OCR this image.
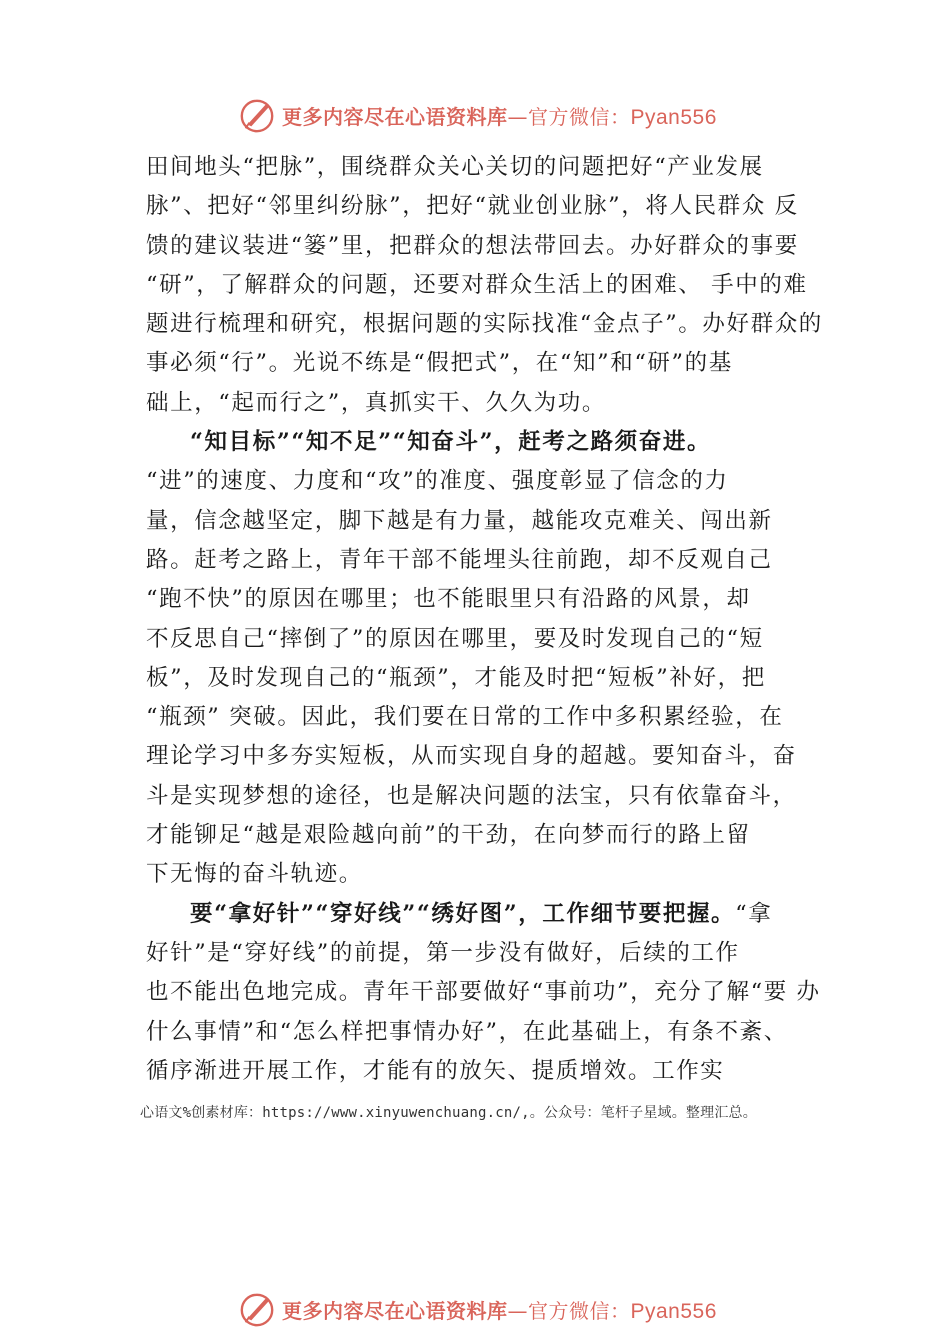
更多内容尽在心语资料库—官方微信：Pyan556
田间地头“把脉”，围绕群众关心关切的问题把好“产业发展
脉”、把好“邻里纠纷脉”，把好“就业创业脉”，将人民群众 反
馈的建议装进“篓”里，把群众的想法带回去。办好群众的事要
“研”，了解群众的问题，还要对群众生活上的困难、 手中的难
题进行梳理和研究，根据问题的实际找准“金点子”。办好群众的
事必须“行”。光说不练是“假把式”，在“知”和“研”的基
础上，“起而行之”，真抓实干、久久为功。
“知目标”“知不足”“知奋斗”，赶考之路须奋进。
“进”的速度、力度和“攻”的准度、强度彰显了信念的力
量，信念越坚定，脚下越是有力量，越能攻克难关、闯出新
路。赶考之路上，青年干部不能埋头往前跑，却不反观自己
“跑不快”的原因在哪里；也不能眼里只有沿路的风景，却
不反思自己“摔倒了”的原因在哪里，要及时发现自己的“短
板”，及时发现自己的“瓶颈”，才能及时把“短板”补好，把
“瓶颈” 突破。因此，我们要在日常的工作中多积累经验，在
理论学习中多夯实短板，从而实现自身的超越。要知奋斗，奋
斗是实现梦想的途径，也是解决问题的法宝，只有依靠奋斗，
才能铆足“越是艰险越向前”的干劲，在向梦而行的路上留
下无悔的奋斗轨迹。
要“拿好针”“穿好线”“绣好图”，工作细节要把握。“拿
好针”是“穿好线”的前提，第一步没有做好，后续的工作
也不能出色地完成。青年干部要做好“事前功”，充分了解“要 办
什么事情”和“怎么样把事情办好”，在此基础上，有条不紊、
循序渐进开展工作，才能有的放矢、提质增效。工作实
心语文%创素材库：https://www.xinyuwenchuang.cn/,。公众号：笔杆子星域。整理汇总。
更多内容尽在心语资料库—官方微信：Pyan556
